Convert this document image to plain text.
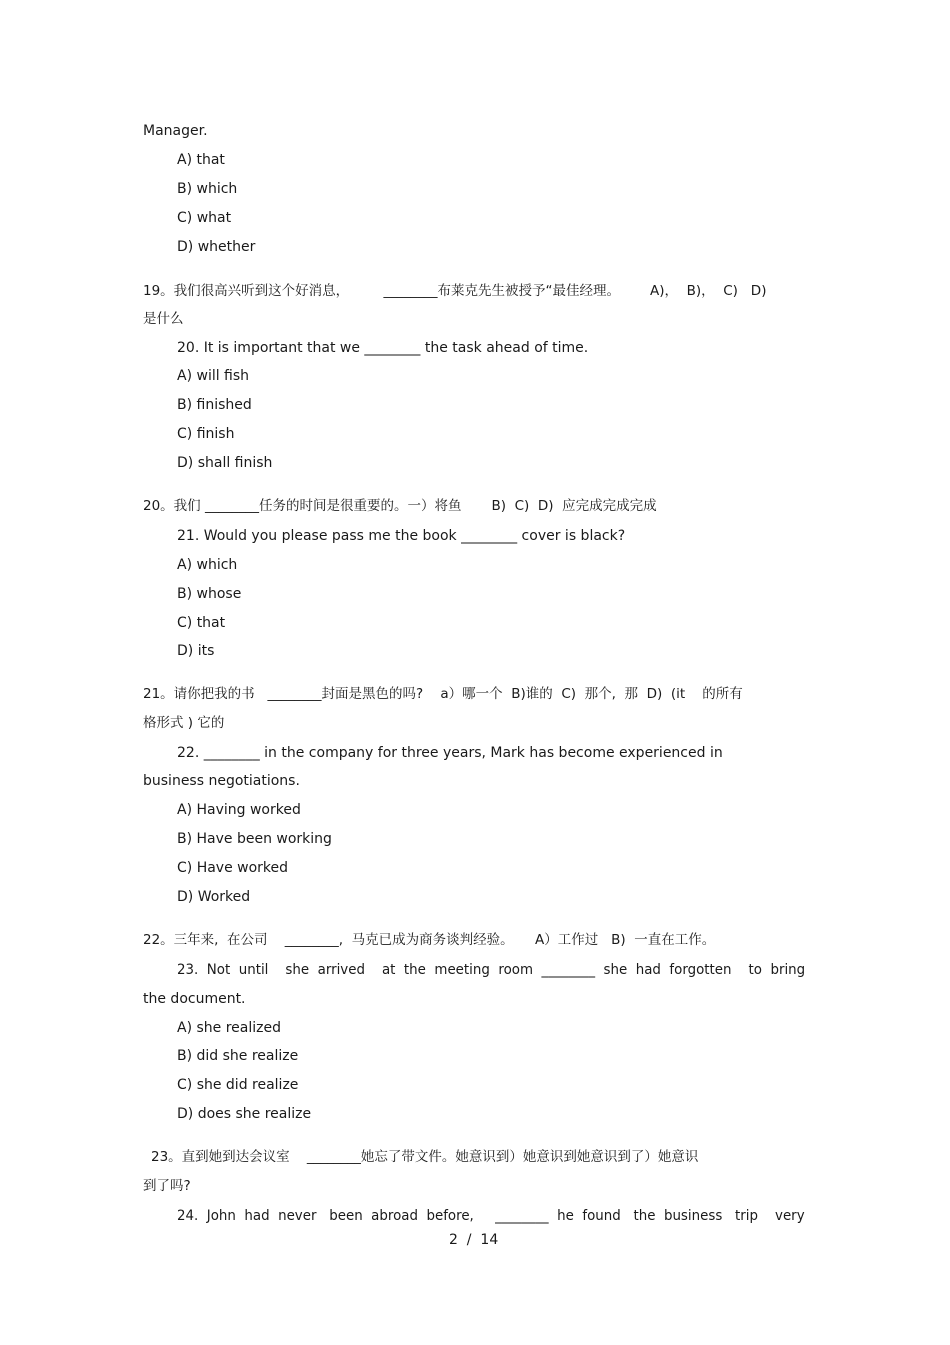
Manager.
A) that
B) which
C) what
D) whether
19。我们很高兴听到这个好消息，        ________布莱克先生被授予“最佳经理。       A)，  B)，  C)   D)
是什么
20. It is important that we ________ the task ahead of time.
A) will fish
B) finished
C) finish
D) shall finish
20。我们 ________任务的时间是很重要的。一）将鱼       B)  C)  D)  应完成完成完成
21. Would you please pass me the book ________ cover is black?
A) which
B) whose
C) that
D) its
21。请你把我的书   ________封面是黑色的吗?    a）哪一个  B)谁的  C)  那个,  那  D)  (it    的所有
格形式 ) 它的
22. ________ in the company for three years, Mark has become experienced in
business negotiations.
A) Having worked
B) Have been working
C) Have worked
D) Worked
22。三年来,  在公司    ________,  马克已成为商务谈判经验。     A）工作过   B)  一直在工作。
23.  Not  until    she  arrived    at  the  meeting  room  ________  she  had  forgotten    to  bring
the document.
A) she realized
B) did she realize
C) she did realize
D) does she realize
23。直到她到达会议室    ________她忘了带文件。她意识到）她意识到她意识到了）她意识
到了吗?
24.  John  had  never   been  abroad  before,     ________  he  found   the  business   trip    very
2  /  14
